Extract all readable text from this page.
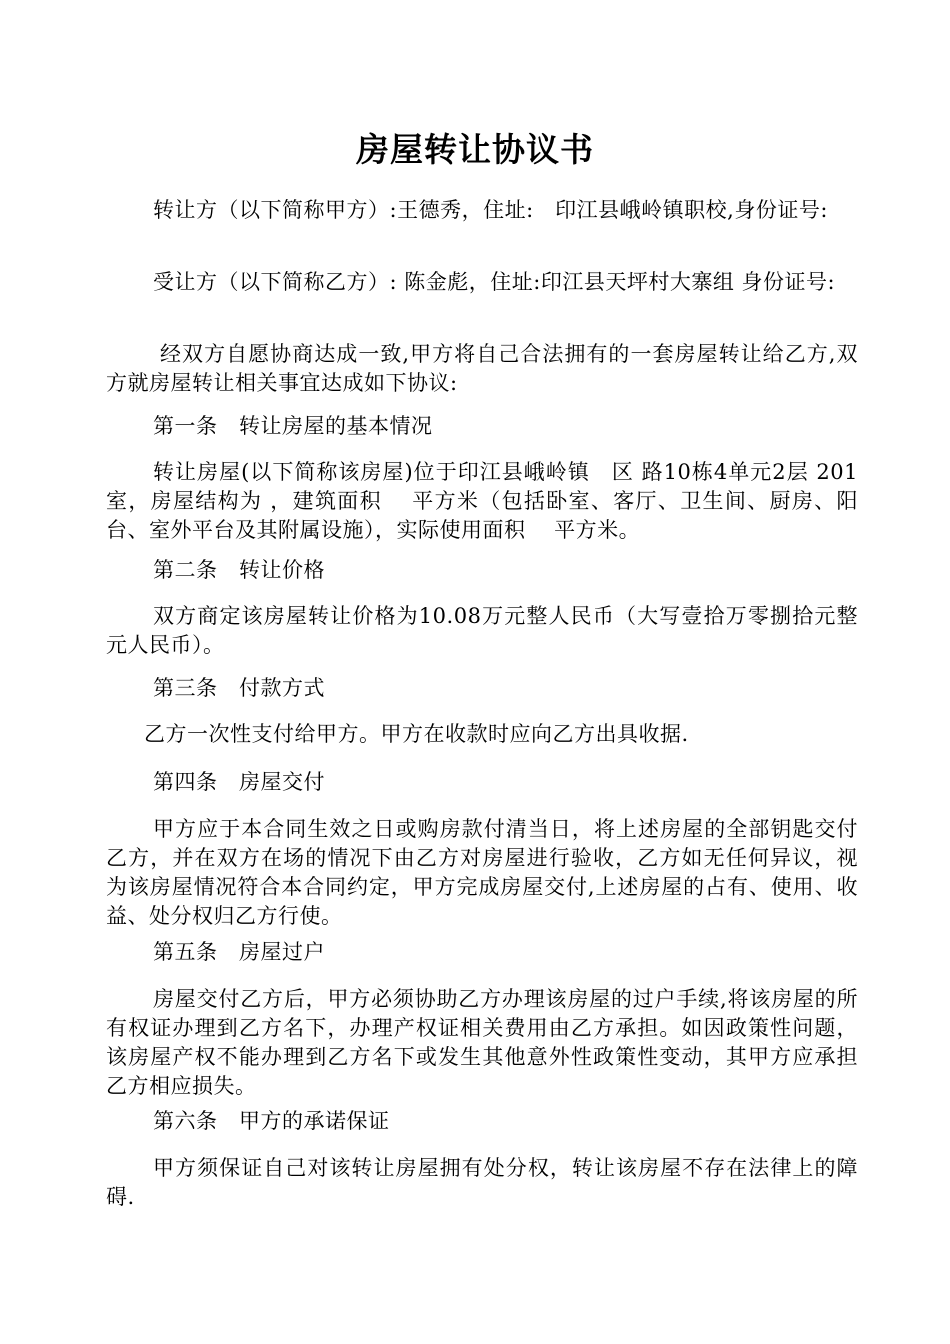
房屋转让协议书
转让方（以下简称甲方）:王德秀，住址:　印江县峨岭镇职校,身份证号:
受让方（以下简称乙方）: 陈金彪，住址:印江县天坪村大寨组 身份证号:
经双方自愿协商达成一致,甲方将自己合法拥有的一套房屋转让给乙方,双方就房屋转让相关事宜达成如下协议:
第一条　转让房屋的基本情况
转让房屋(以下简称该房屋)位于印江县峨岭镇　区 路10栋4单元2层 201室，房屋结构为 ，建筑面积　 平方米（包括卧室、客厅、卫生间、厨房、阳台、室外平台及其附属设施），实际使用面积　 平方米。
第二条　转让价格
双方商定该房屋转让价格为10.08万元整人民币（大写壹拾万零捌拾元整元人民币）。
第三条　付款方式
乙方一次性支付给甲方。甲方在收款时应向乙方出具收据.
第四条　房屋交付
甲方应于本合同生效之日或购房款付清当日，将上述房屋的全部钥匙交付乙方，并在双方在场的情况下由乙方对房屋进行验收，乙方如无任何异议，视为该房屋情况符合本合同约定，甲方完成房屋交付,上述房屋的占有、使用、收益、处分权归乙方行使。
第五条　房屋过户
房屋交付乙方后，甲方必须协助乙方办理该房屋的过户手续,将该房屋的所有权证办理到乙方名下，办理产权证相关费用由乙方承担。如因政策性问题，该房屋产权不能办理到乙方名下或发生其他意外性政策性变动，其甲方应承担乙方相应损失。
第六条　甲方的承诺保证
甲方须保证自己对该转让房屋拥有处分权，转让该房屋不存在法律上的障碍.
